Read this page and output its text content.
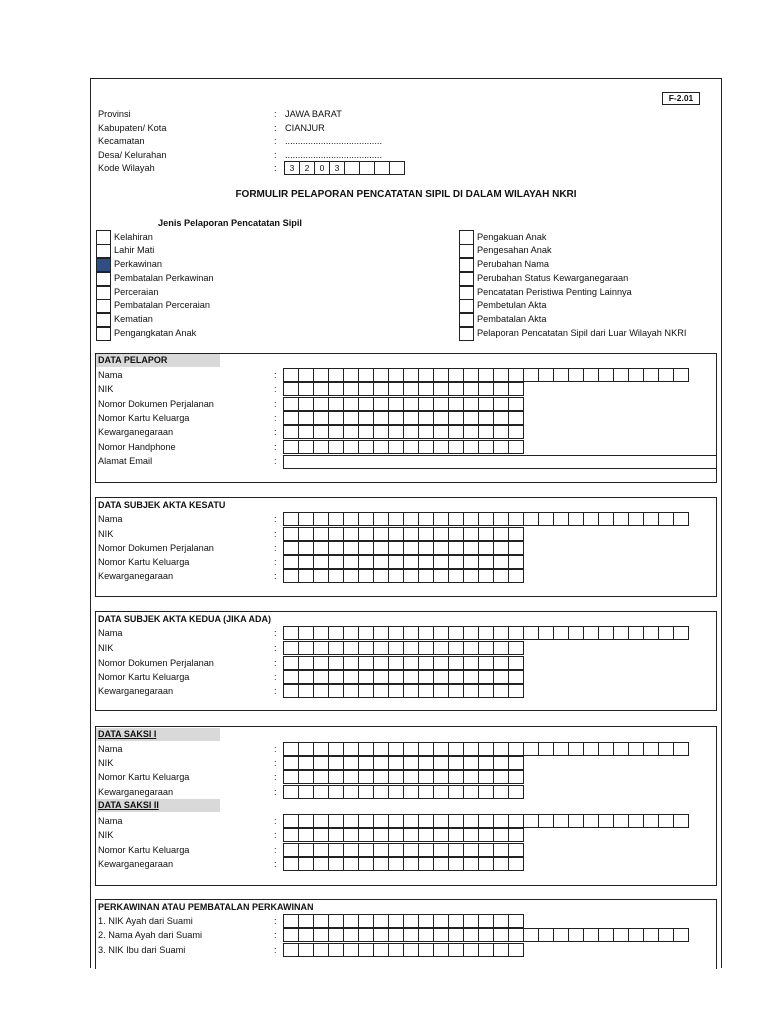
F-2.01
Provinsi	: JAWA BARAT
Kabupaten/ Kota	: CIANJUR
Kecamatan	: ......................................
Desa/ Kelurahan	: ......................................
Kode Wilayah	:	3	2	0	3
FORMULIR PELAPORAN PENCATATAN SIPIL DI DALAM WILAYAH NKRI
Jenis Pelaporan Pencatatan Sipil
Kelahiran
Lahir Mati
Perkawinan
Pembatalan Perkawinan
Perceraian
Pembatalan Perceraian
Kematian
Pengangkatan Anak
Pengakuan Anak
Pengesahan Anak
Perubahan Nama
Perubahan Status Kewarganegaraan
Pencatatan Peristiwa Penting Lainnya
Pembetulan Akta
Pembatalan Akta
Pelaporan Pencatatan Sipil dari Luar Wilayah NKRI
DATA PELAPOR
Nama	:
NIK	:
Nomor Dokumen Perjalanan	:
Nomor Kartu Keluarga	:
Kewarganegaraan	:
Nomor Handphone	:
Alamat Email	:
DATA SUBJEK AKTA KESATU
Nama	:
NIK	:
Nomor Dokumen Perjalanan	:
Nomor Kartu Keluarga	:
Kewarganegaraan	:
DATA SUBJEK AKTA KEDUA (JIKA ADA)
Nama	:
NIK	:
Nomor Dokumen Perjalanan	:
Nomor Kartu Keluarga	:
Kewarganegaraan	:
DATA SAKSI I
Nama	:
NIK	:
Nomor Kartu Keluarga	:
Kewarganegaraan	:
DATA SAKSI II
Nama	:
NIK	:
Nomor Kartu Keluarga	:
Kewarganegaraan	:
PERKAWINAN ATAU PEMBATALAN PERKAWINAN
1. NIK Ayah dari Suami	:
2. Nama Ayah dari Suami	:
3. NIK Ibu dari Suami	:
